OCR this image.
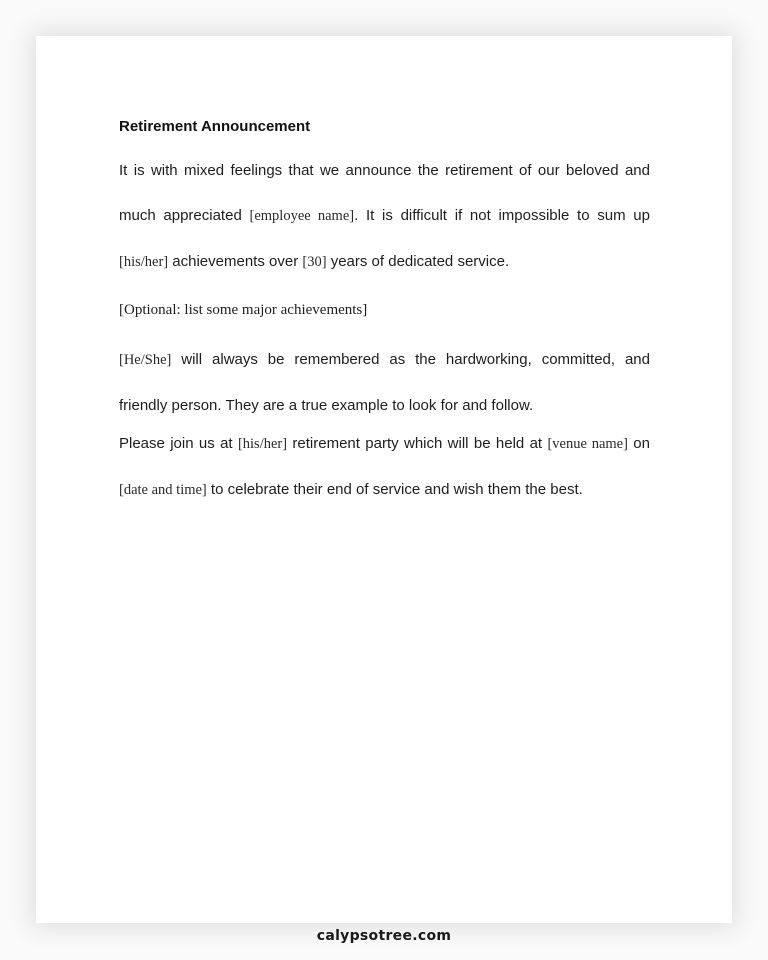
Retirement Announcement

It is with mixed feelings that we announce the retirement of our beloved and much appreciated [employee name]. It is difficult if not impossible to sum up [his/her] achievements over [30] years of dedicated service.

[Optional: list some major achievements]

[He/She] will always be remembered as the hardworking, committed, and friendly person. They are a true example to look for and follow.

Please join us at [his/her] retirement party which will be held at [venue name] on [date and time] to celebrate their end of service and wish them the best.

calypsotree.com
